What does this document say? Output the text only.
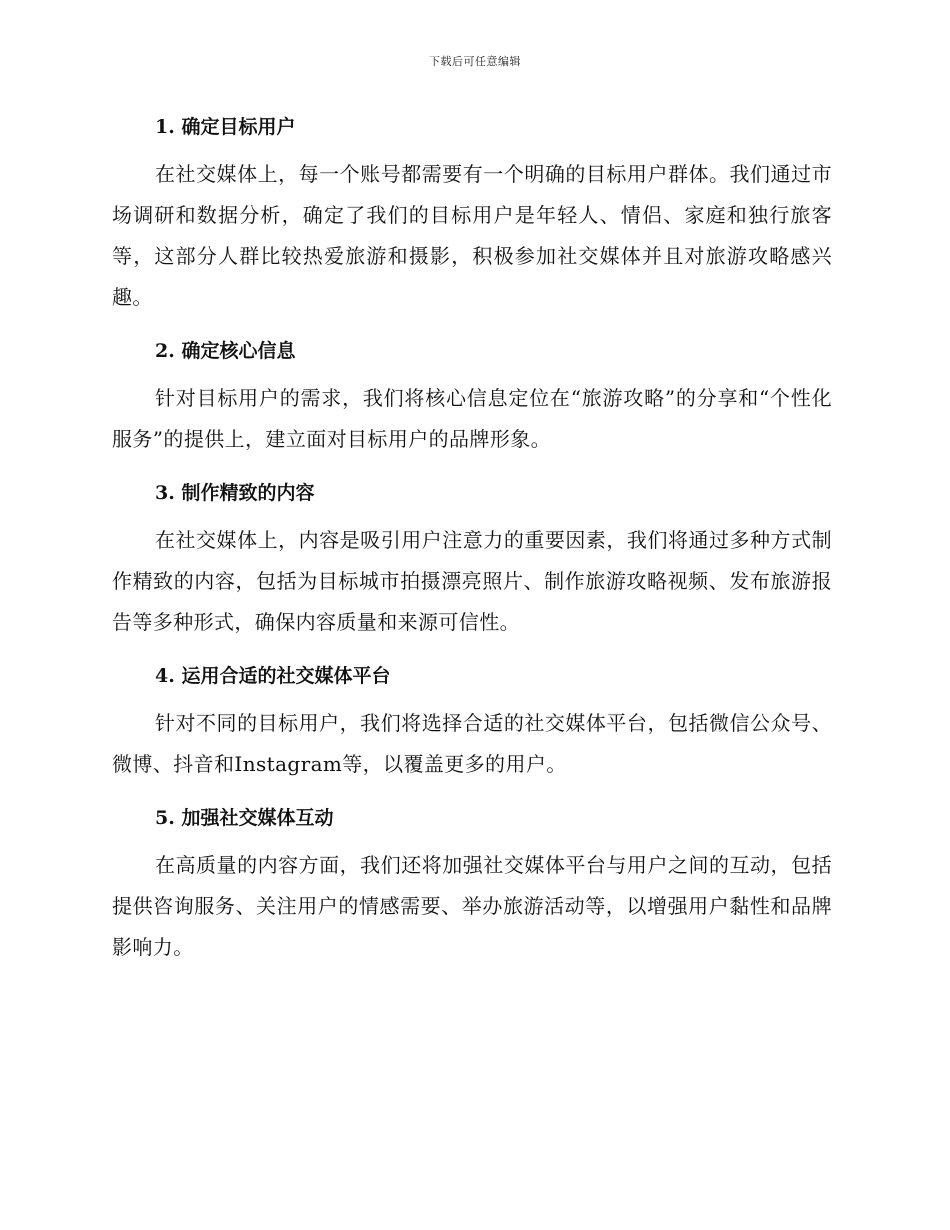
下载后可任意编辑
1. 确定目标用户

在社交媒体上，每一个账号都需要有一个明确的目标用户群体。我们通过市场调研和数据分析，确定了我们的目标用户是年轻人、情侣、家庭和独行旅客等，这部分人群比较热爱旅游和摄影，积极参加社交媒体并且对旅游攻略感兴趣。

2. 确定核心信息

针对目标用户的需求，我们将核心信息定位在“旅游攻略”的分享和“个性化服务”的提供上，建立面对目标用户的品牌形象。

3. 制作精致的内容

在社交媒体上，内容是吸引用户注意力的重要因素，我们将通过多种方式制作精致的内容，包括为目标城市拍摄漂亮照片、制作旅游攻略视频、发布旅游报告等多种形式，确保内容质量和来源可信性。

4. 运用合适的社交媒体平台

针对不同的目标用户，我们将选择合适的社交媒体平台，包括微信公众号、微博、抖音和Instagram等，以覆盖更多的用户。

5. 加强社交媒体互动

在高质量的内容方面，我们还将加强社交媒体平台与用户之间的互动，包括提供咨询服务、关注用户的情感需要、举办旅游活动等，以增强用户黏性和品牌影响力。
